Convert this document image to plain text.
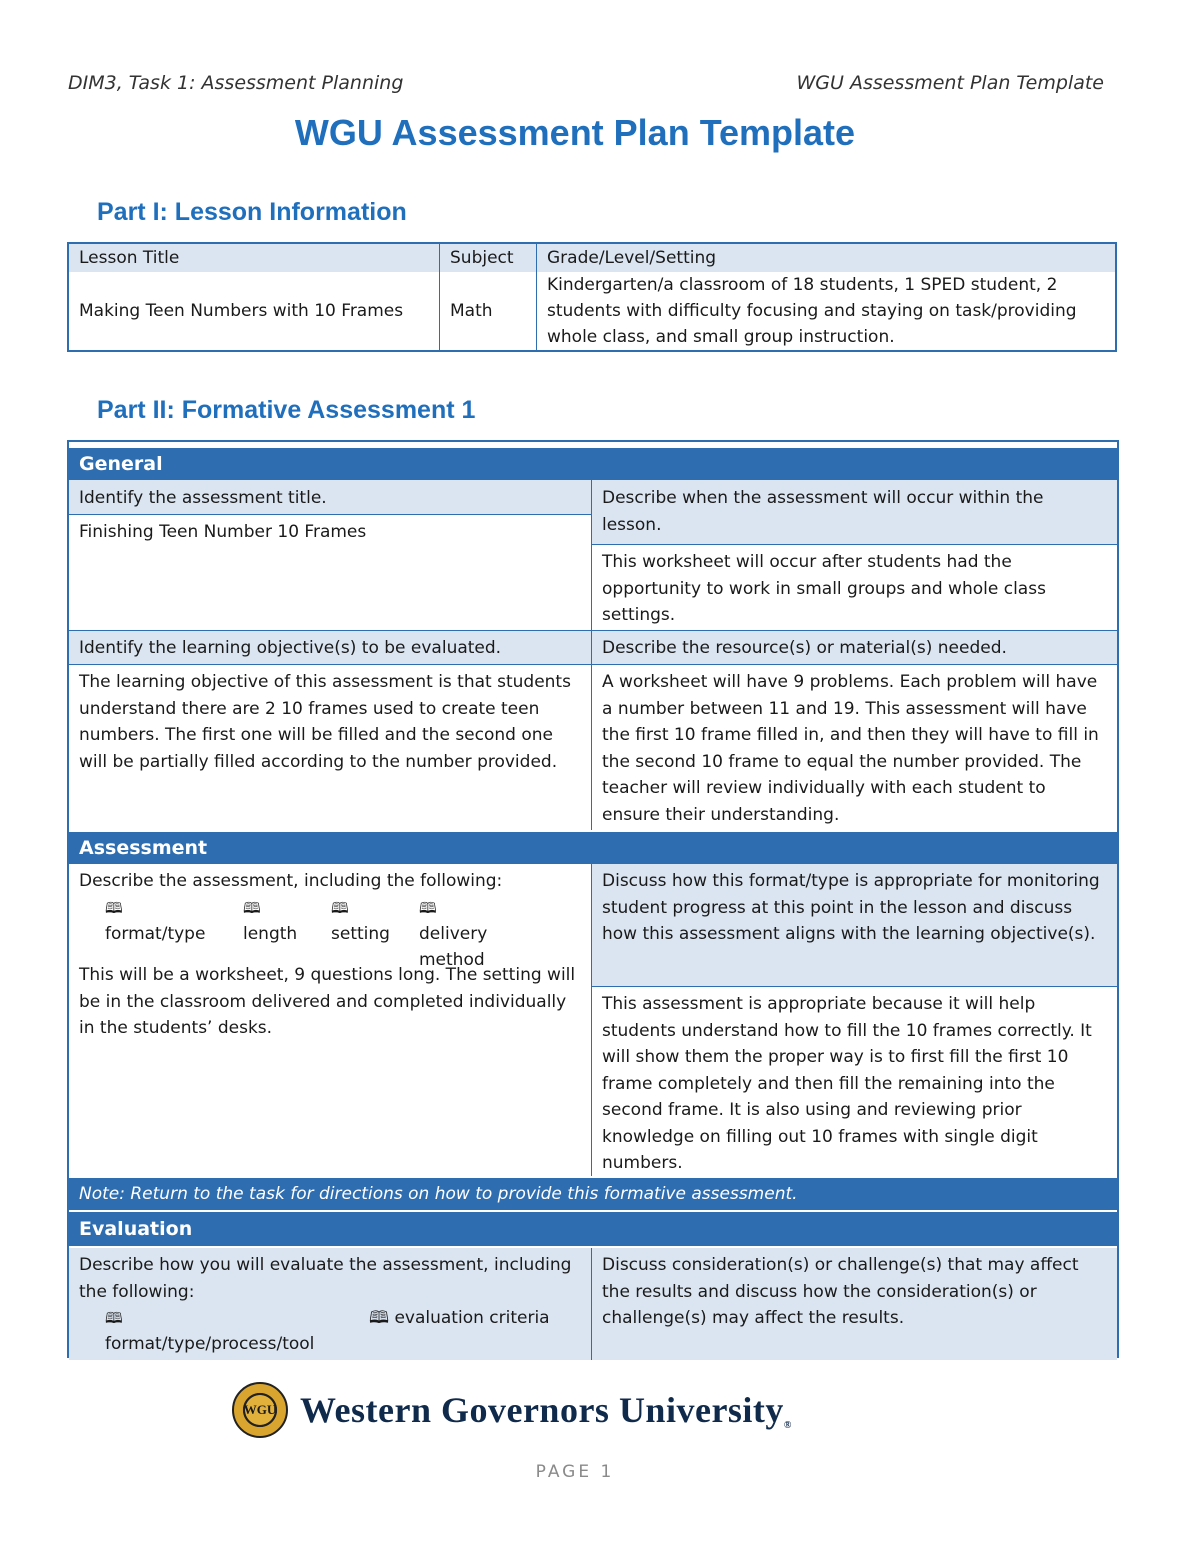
DIM3, Task 1: Assessment Planning	WGU Assessment Plan Template
WGU Assessment Plan Template
Part I: Lesson Information
Lesson Title
Making Teen Numbers with 10 Frames
Subject
Math
Grade/Level/Setting
Kindergarten/a classroom of 18 students, 1 SPED student, 2 students with difficulty focusing and staying on task/providing whole class, and small group instruction.
Part II: Formative Assessment 1
General
Identify the assessment title.
Finishing Teen Number 10 Frames
Describe when the assessment will occur within the lesson.
This worksheet will occur after students had the opportunity to work in small groups and whole class settings.
Identify the learning objective(s) to be evaluated.
The learning objective of this assessment is that students understand there are 2 10 frames used to create teen numbers. The first one will be filled and the second one will be partially filled according to the number provided.
Describe the resource(s) or material(s) needed.
A worksheet will have 9 problems. Each problem will have a number between 11 and 19. This assessment will have the first 10 frame filled in, and then they will have to fill in the second 10 frame to equal the number provided. The teacher will review individually with each student to ensure their understanding.
Assessment
Describe the assessment, including the following:
🕮
format/type
🕮
length
🕮
setting
🕮
delivery method
This will be a worksheet, 9 questions long. The setting will be in the classroom delivered and completed individually in the students’ desks.
Discuss how this format/type is appropriate for monitoring student progress at this point in the lesson and discuss how this assessment aligns with the learning objective(s).
This assessment is appropriate because it will help students understand how to fill the 10 frames correctly. It will show them the proper way is to first fill the first 10 frame completely and then fill the remaining into the second frame. It is also using and reviewing prior knowledge on filling out 10 frames with single digit numbers.
Note: Return to the task for directions on how to provide this formative assessment.
Evaluation
Describe how you will evaluate the assessment, including the following:
🕮
format/type/process/tool
🕮 evaluation criteria
Discuss consideration(s) or challenge(s) that may affect the results and discuss how the consideration(s) or challenge(s) may affect the results.
WGU Western Governors University®
PAGE 1
